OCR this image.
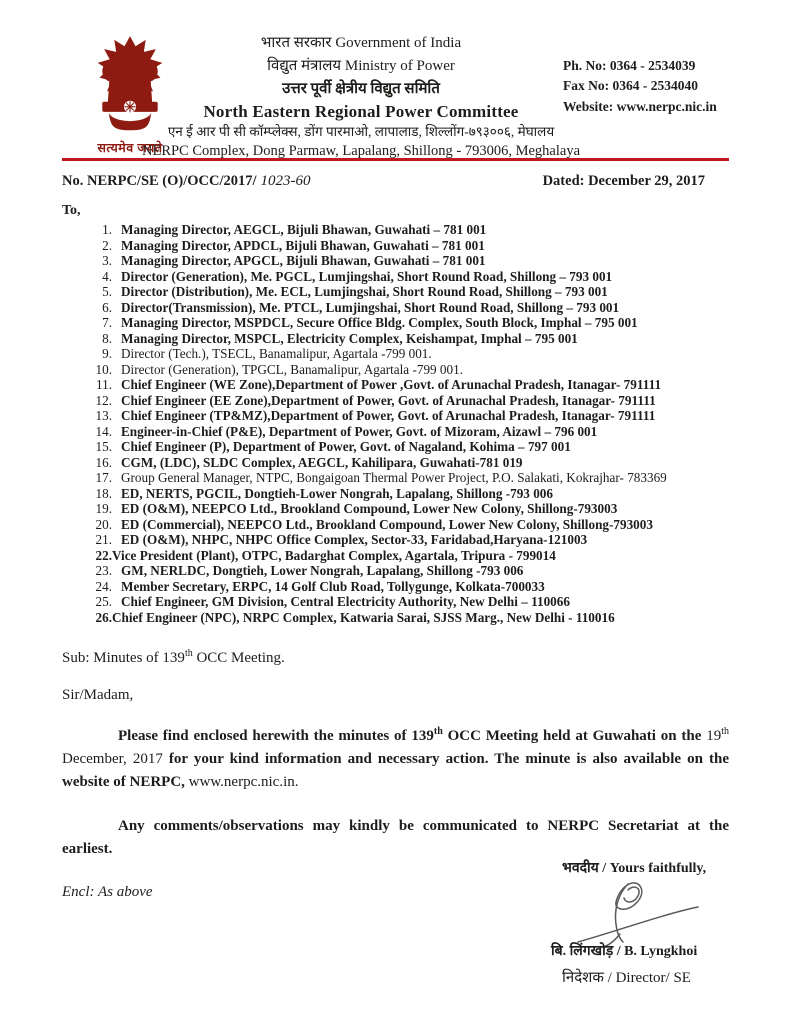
सत्यमेव जयते
भारत सरकार Government of India
विद्युत मंत्रालय Ministry of Power
उत्तर पूर्वी क्षेत्रीय विद्युत समिति
North Eastern Regional Power Committee
एन ई आर पी सी कॉम्प्लेक्स, डोंग पारमाओ, लापालाड, शिल्लोंग-७९३००६, मेघालय
NERPC Complex, Dong Parmaw, Lapalang, Shillong - 793006, Meghalaya
Ph. No: 0364 - 2534039
Fax No: 0364 - 2534040
Website: www.nerpc.nic.in
No. NERPC/SE (O)/OCC/2017/ 1023-60	Dated: December 29, 2017
To,
1. Managing Director, AEGCL, Bijuli Bhawan, Guwahati – 781 001
2. Managing Director, APDCL, Bijuli Bhawan, Guwahati – 781 001
3. Managing Director, APGCL, Bijuli Bhawan, Guwahati – 781 001
4. Director (Generation), Me. PGCL, Lumjingshai, Short Round Road, Shillong – 793 001
5. Director (Distribution), Me. ECL, Lumjingshai, Short Round Road, Shillong – 793 001
6. Director(Transmission), Me. PTCL, Lumjingshai, Short Round Road, Shillong – 793 001
7. Managing Director, MSPDCL, Secure Office Bldg. Complex, South Block, Imphal – 795 001
8. Managing Director, MSPCL, Electricity Complex, Keishampat, Imphal – 795 001
9. Director (Tech.), TSECL, Banamalipur, Agartala -799 001.
10. Director (Generation), TPGCL, Banamalipur, Agartala -799 001.
11. Chief Engineer (WE Zone),Department of Power ,Govt. of Arunachal Pradesh, Itanagar- 791111
12. Chief Engineer (EE Zone),Department of Power, Govt. of Arunachal Pradesh, Itanagar- 791111
13. Chief Engineer (TP&MZ),Department of Power, Govt. of Arunachal Pradesh, Itanagar- 791111
14. Engineer-in-Chief (P&E), Department of Power, Govt. of Mizoram, Aizawl – 796 001
15. Chief Engineer (P), Department of Power, Govt. of Nagaland, Kohima – 797 001
16. CGM, (LDC), SLDC Complex, AEGCL, Kahilipara, Guwahati-781 019
17. Group General Manager, NTPC, Bongaigoan Thermal Power Project, P.O. Salakati, Kokrajhar- 783369
18. ED, NERTS, PGCIL, Dongtieh-Lower Nongrah, Lapalang, Shillong -793 006
19. ED (O&M), NEEPCO Ltd., Brookland Compound, Lower New Colony, Shillong-793003
20. ED (Commercial), NEEPCO Ltd., Brookland Compound, Lower New Colony, Shillong-793003
21. ED (O&M), NHPC, NHPC Office Complex, Sector-33, Faridabad,Haryana-121003
22. Vice President (Plant), OTPC, Badarghat Complex, Agartala, Tripura - 799014
23. GM, NERLDC, Dongtieh, Lower Nongrah, Lapalang, Shillong -793 006
24. Member Secretary, ERPC, 14 Golf Club Road, Tollygunge, Kolkata-700033
25. Chief Engineer, GM Division, Central Electricity Authority, New Delhi – 110066
26. Chief Engineer (NPC), NRPC Complex, Katwaria Sarai, SJSS Marg., New Delhi - 110016
Sub: Minutes of 139th OCC Meeting.
Sir/Madam,

Please find enclosed herewith the minutes of 139th OCC Meeting held at Guwahati on the 19th December, 2017 for your kind information and necessary action. The minute is also available on the website of NERPC, www.nerpc.nic.in.

Any comments/observations may kindly be communicated to NERPC Secretariat at the earliest.

Encl: As above
भवदीय / Yours faithfully,
बि. लिंगखोड़ / B. Lyngkhoi
निदेशक / Director/ SE
